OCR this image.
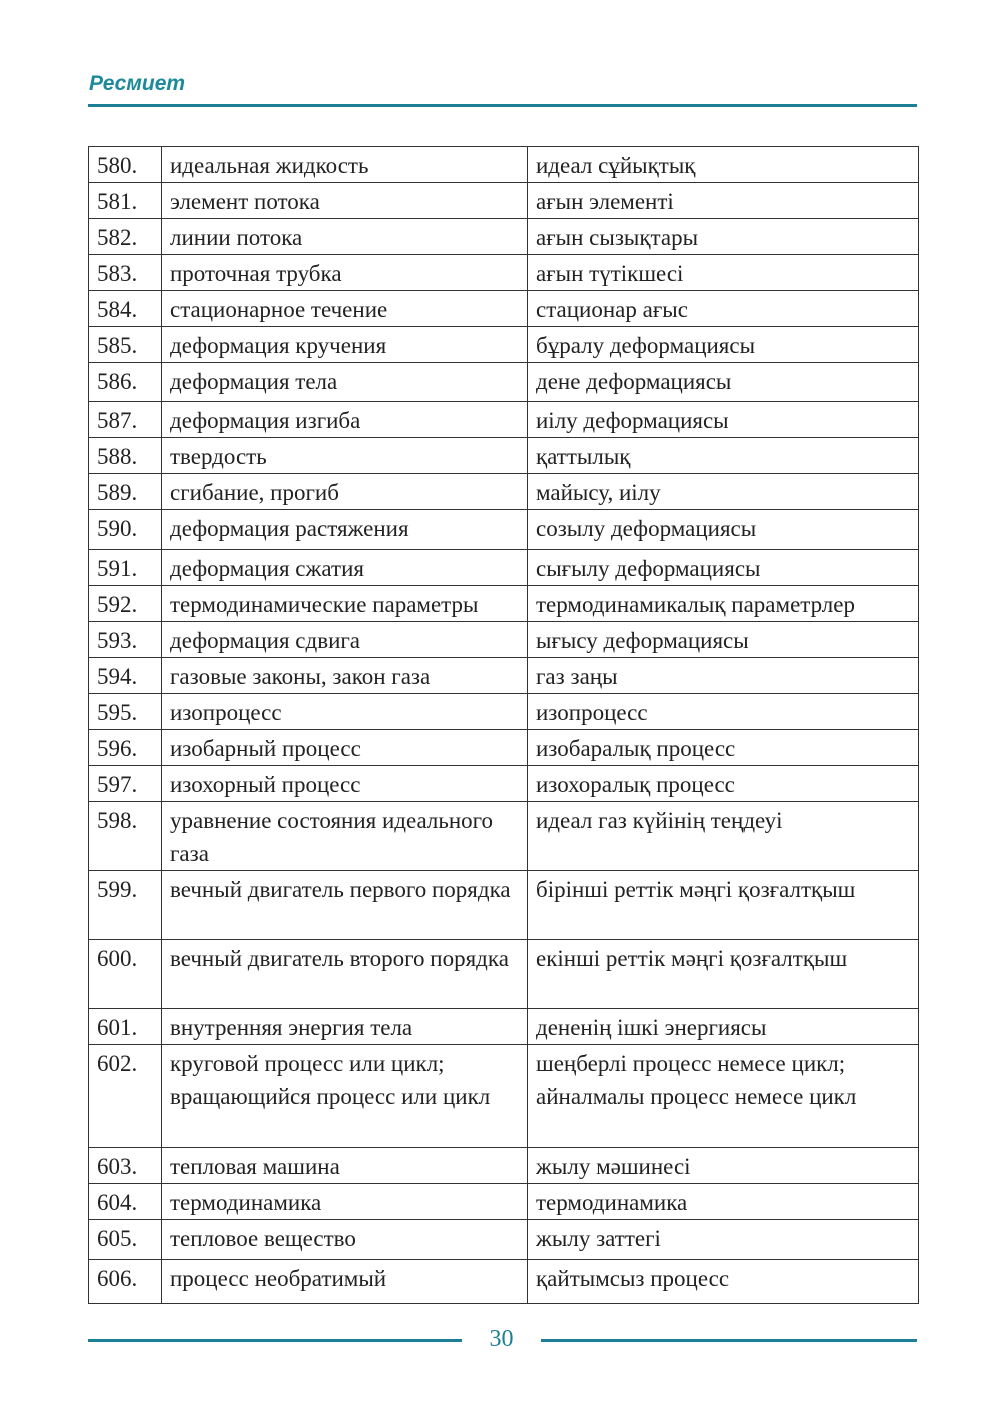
Ресмиет
580.	идеальная жидкость	идеал сұйықтық
581.	элемент потока	ағын элементі
582.	линии потока	ағын сызықтары
583.	проточная трубка	ағын түтікшесі
584.	стационарное течение	стационар ағыс
585.	деформация кручения	бұралу деформациясы
586.	деформация тела	дене деформациясы
587.	деформация изгиба	иілу деформациясы
588.	твердость	қаттылық
589.	сгибание, прогиб	майысу, иілу
590.	деформация растяжения	созылу деформациясы
591.	деформация сжатия	сығылу деформациясы
592.	термодинамические параметры	термодинамикалық параметрлер
593.	деформация сдвига	ығысу деформациясы
594.	газовые законы, закон газа	газ заңы
595.	изопроцесс	изопроцесс
596.	изобарный процесс	изобаралық процесс
597.	изохорный процесс	изохоралық процесс
598.	уравнение состояния идеального газа	идеал газ күйінің теңдеуі
599.	вечный двигатель первого порядка	бірінші реттік мәңгі қозғалтқыш
600.	вечный двигатель второго порядка	екінші реттік мәңгі қозғалтқыш
601.	внутренняя энергия тела	дененің ішкі энергиясы
602.	круговой процесс или цикл; вращающийся процесс или цикл	шеңберлі процесс немесе цикл; айналмалы процесс немесе цикл
603.	тепловая машина	жылу мәшинесі
604.	термодинамика	термодинамика
605.	тепловое вещество	жылу заттегі
606.	процесс необратимый	қайтымсыз процесс
30
